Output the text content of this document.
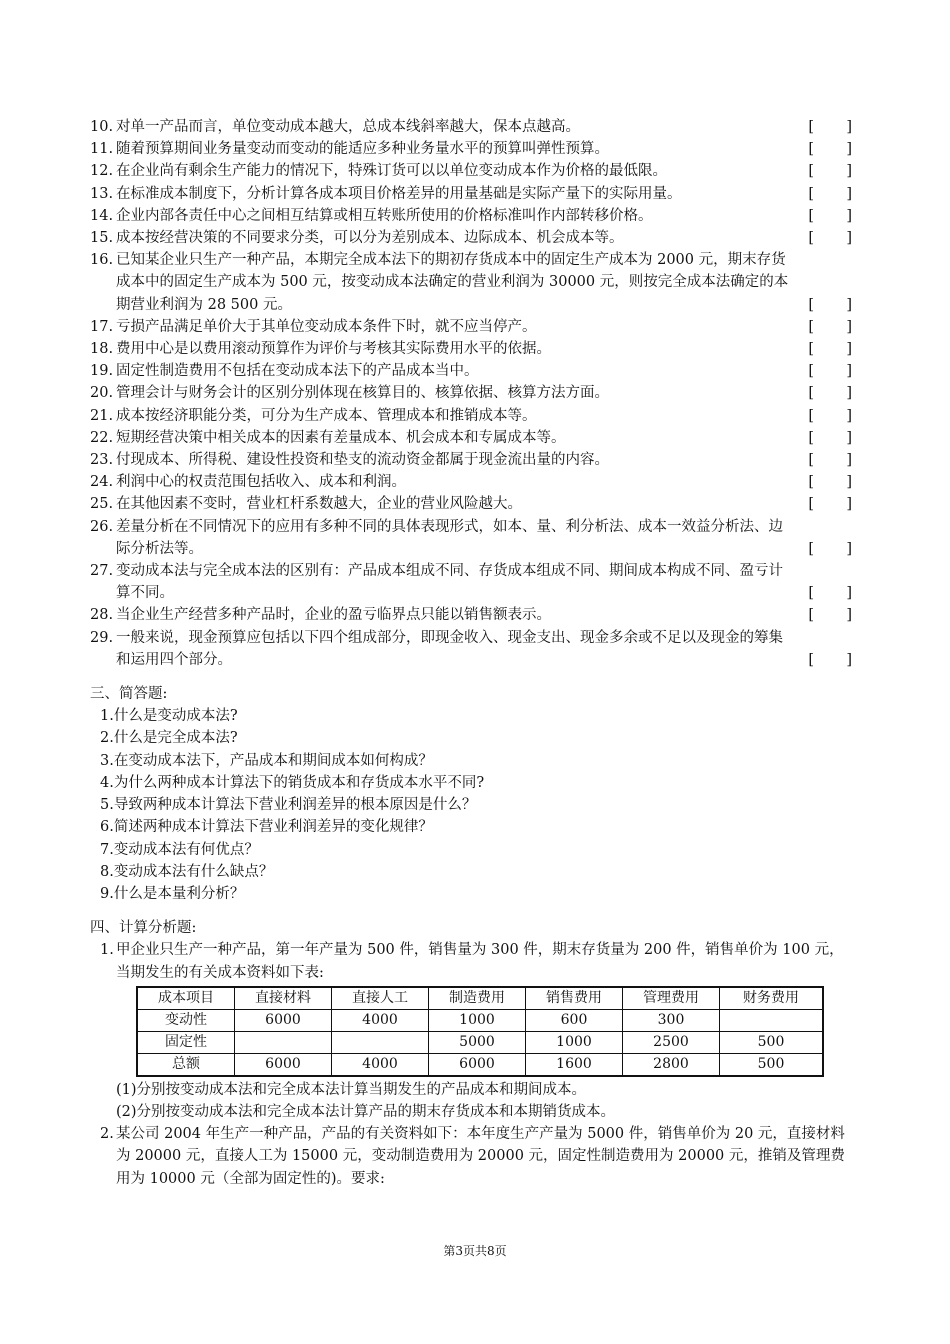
10. 对单一产品而言，单位变动成本越大，总成本线斜率越大，保本点越高。	[       ]
11. 随着预算期间业务量变动而变动的能适应多种业务量水平的预算叫弹性预算。	[       ]
12. 在企业尚有剩余生产能力的情况下，特殊订货可以以单位变动成本作为价格的最低限。	[       ]
13. 在标准成本制度下，分析计算各成本项目价格差异的用量基础是实际产量下的实际用量。	[       ]
14. 企业内部各责任中心之间相互结算或相互转账所使用的价格标准叫作内部转移价格。	[       ]
15. 成本按经营决策的不同要求分类，可以分为差别成本、边际成本、机会成本等。	[       ]
16. 已知某企业只生产一种产品，本期完全成本法下的期初存货成本中的固定生产成本为 2000 元，期末存货成本中的固定生产成本为 500 元，按变动成本法确定的营业利润为 30000 元，则按完全成本法确定的本期营业利润为 28 500 元。	[       ]
17. 亏损产品满足单价大于其单位变动成本条件下时，就不应当停产。	[       ]
18. 费用中心是以费用滚动预算作为评价与考核其实际费用水平的依据。	[       ]
19. 固定性制造费用不包括在变动成本法下的产品成本当中。	[       ]
20. 管理会计与财务会计的区别分别体现在核算目的、核算依据、核算方法方面。	[       ]
21. 成本按经济职能分类，可分为生产成本、管理成本和推销成本等。	[       ]
22. 短期经营决策中相关成本的因素有差量成本、机会成本和专属成本等。	[       ]
23. 付现成本、所得税、建设性投资和垫支的流动资金都属于现金流出量的内容。	[       ]
24. 利润中心的权责范围包括收入、成本和利润。	[       ]
25. 在其他因素不变时，营业杠杆系数越大，企业的营业风险越大。	[       ]
26. 差量分析在不同情况下的应用有多种不同的具体表现形式，如本、量、利分析法、成本一效益分析法、边际分析法等。	[       ]
27. 变动成本法与完全成本法的区别有：产品成本组成不同、存货成本组成不同、期间成本构成不同、盈亏计算不同。	[       ]
28. 当企业生产经营多种产品时，企业的盈亏临界点只能以销售额表示。	[       ]
29. 一般来说，现金预算应包括以下四个组成部分，即现金收入、现金支出、现金多余或不足以及现金的筹集和运用四个部分。	[       ]
三、简答题:
1.什么是变动成本法?
2.什么是完全成本法?
3.在变动成本法下，产品成本和期间成本如何构成？
4.为什么两种成本计算法下的销货成本和存货成本水平不同?
5.导致两种成本计算法下营业利润差异的根本原因是什么？
6.简述两种成本计算法下营业利润差异的变化规律？
7.变动成本法有何优点？
8.变动成本法有什么缺点？
9.什么是本量利分析？
四、计算分析题:
1. 甲企业只生产一种产品，第一年产量为 500 件，销售量为 300 件，期末存货量为 200 件，销售单价为 100 元，当期发生的有关成本资料如下表:
成本项目	直接材料	直接人工	制造费用	销售费用	管理费用	财务费用
变动性	6000	4000	1000	600	300	
固定性			5000	1000	2500	500
总额	6000	4000	6000	1600	2800	500
(1)分别按变动成本法和完全成本法计算当期发生的产品成本和期间成本。
(2)分别按变动成本法和完全成本法计算产品的期末存货成本和本期销货成本。
2. 某公司 2004 年生产一种产品，产品的有关资料如下：本年度生产产量为 5000 件，销售单价为 20 元，直接材料为 20000 元，直接人工为 15000 元，变动制造费用为 20000 元，固定性制造费用为 20000 元，推销及管理费用为 10000 元（全部为固定性的)。要求:
第3页共8页
